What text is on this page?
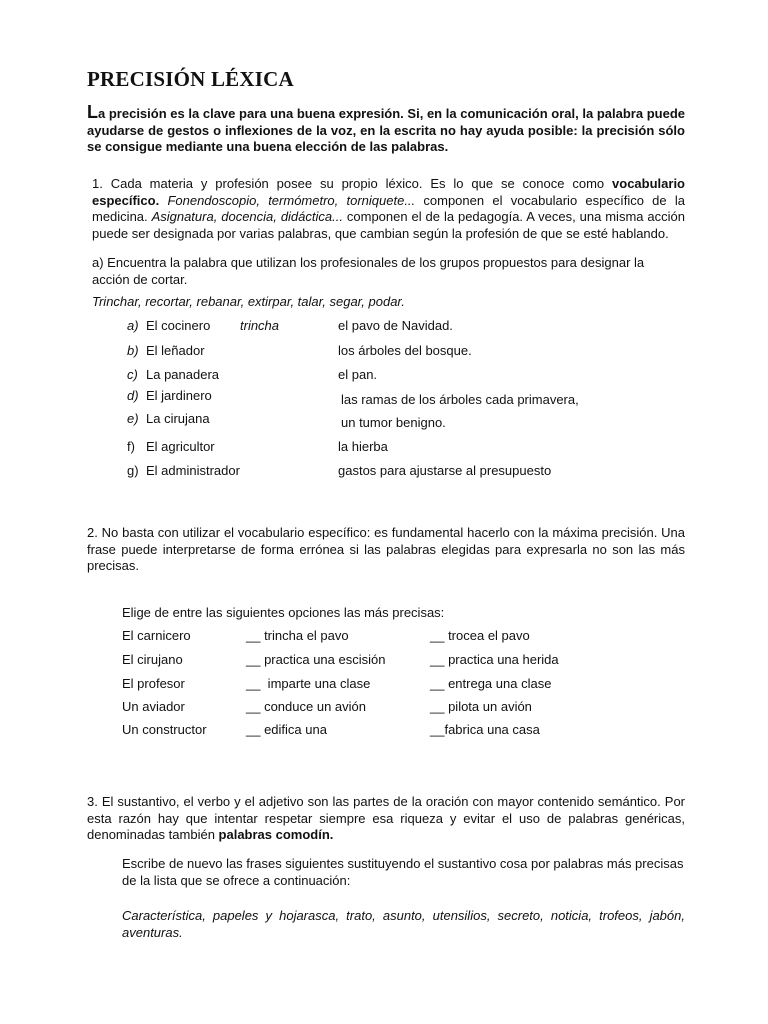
PRECISIÓN LÉXICA
La precisión es la clave para una buena expresión. Si, en la comunicación oral, la palabra puede ayudarse de gestos o inflexiones de la voz, en la escrita no hay ayuda posible: la precisión sólo se consigue mediante una buena elección de las palabras.
1. Cada materia y profesión posee su propio léxico. Es lo que se conoce como vocabulario específico. Fonendoscopio, termómetro, torniquete... componen el vocabulario específico de la medicina. Asignatura, docencia, didáctica... componen el de la pedagogía. A veces, una misma acción puede ser designada por varias palabras, que cambian según la profesión de que se esté hablando.
a) Encuentra la palabra que utilizan los profesionales de los grupos propuestos para designar la acción de cortar.
Trinchar, recortar, rebanar, extirpar, talar, segar, podar.
a) El cocinero trincha	el pavo de Navidad.
b) El leñador	los árboles del bosque.
c) La panadera	el pan.
d) El jardinero	las ramas de los árboles cada primavera,
e) La cirujana	un tumor benigno.
f) El agricultor	la hierba
g) El administrador	gastos para ajustarse al presupuesto
2. No basta con utilizar el vocabulario específico: es fundamental hacerlo con la máxima precisión. Una frase puede interpretarse de forma errónea si las palabras elegidas para expresarla no son las más precisas.
Elige de entre las siguientes opciones las más precisas:
El carnicero	__ trincha el pavo	__ trocea el pavo
El cirujano	__ practica una escisión	__ practica una herida
El profesor	__  imparte una clase	__ entrega una clase
Un aviador	__ conduce un avión	__ pilota un avión
Un constructor	__ edifica una	__fabrica una casa
3. El sustantivo, el verbo y el adjetivo son las partes de la oración con mayor contenido semántico. Por esta razón hay que intentar respetar siempre esa riqueza y evitar el uso de palabras genéricas, denominadas también palabras comodín.
Escribe de nuevo las frases siguientes sustituyendo el sustantivo cosa por palabras más precisas de la lista que se ofrece a continuación:
Característica, papeles y hojarasca, trato, asunto, utensilios, secreto, noticia, trofeos, jabón, aventuras.
